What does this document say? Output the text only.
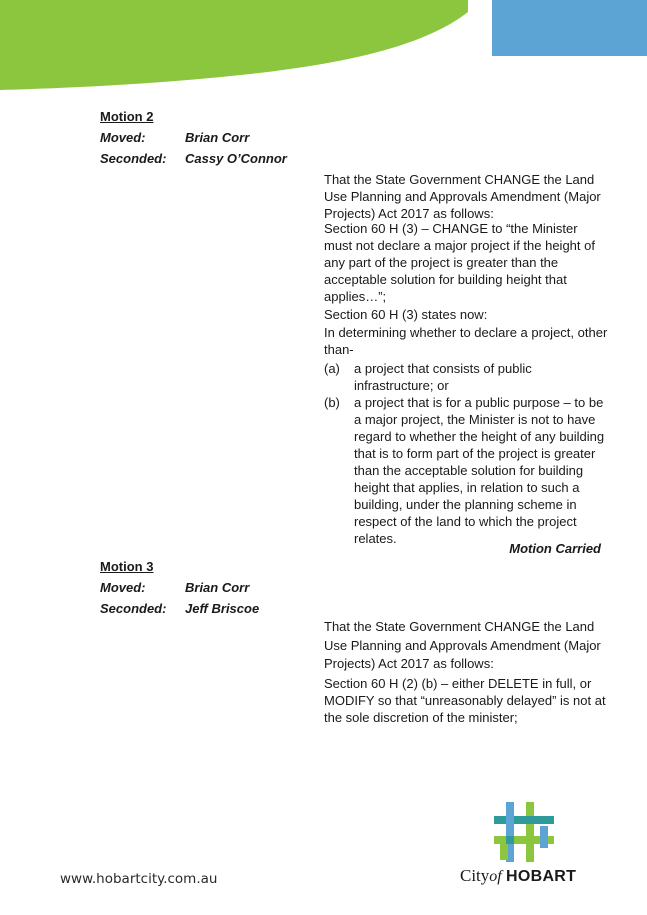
Motion 2
Moved:	Brian Corr
Seconded: Cassy O’Connor
That the State Government CHANGE the Land Use Planning and Approvals Amendment (Major Projects) Act 2017 as follows:
Section 60 H (3) – CHANGE to “the Minister must not declare a major project if the height of any part of the project is greater than the acceptable solution for building height that applies…”;
Section 60 H (3) states now:
In determining whether to declare a project, other than-
(a) a project that consists of public infrastructure; or
(b) a project that is for a public purpose – to be a major project, the Minister is not to have regard to whether the height of any building that is to form part of the project is greater than the acceptable solution for building height that applies, in relation to such a building, under the planning scheme in respect of the land to which the project relates.
Motion Carried
Motion 3
Moved:	Brian Corr
Seconded: Jeff Briscoe
That the State Government CHANGE the Land Use Planning and Approvals Amendment (Major Projects) Act 2017 as follows:
Section 60 H (2) (b) – either DELETE in full, or MODIFY so that “unreasonably delayed” is not at the sole discretion of the minister;
www.hobartcity.com.au	Cityof HOBART
